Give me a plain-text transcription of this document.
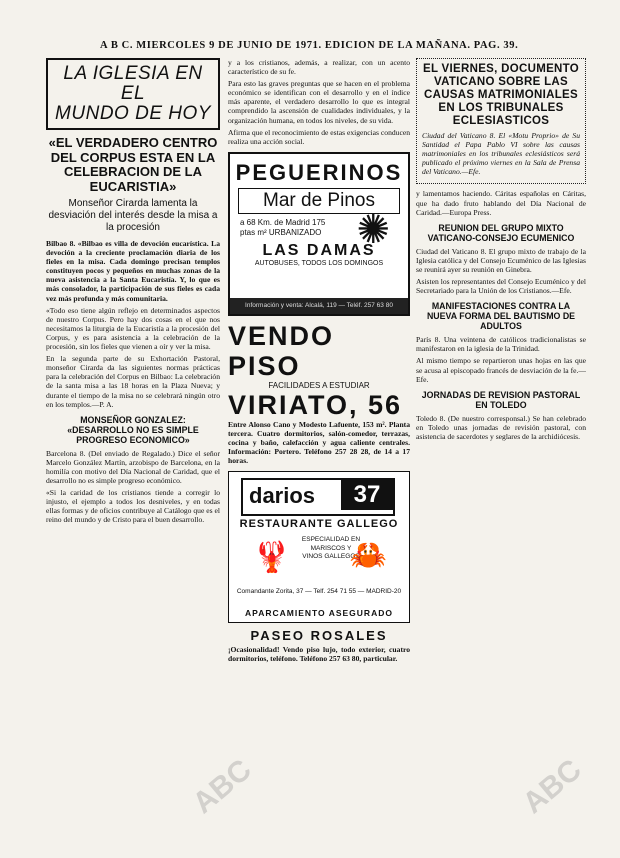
A B C. MIERCOLES 9 DE JUNIO DE 1971. EDICION DE LA MAÑANA. PAG. 39.
LA IGLESIA EN EL
MUNDO DE HOY
«EL VERDADERO CENTRO DEL CORPUS ESTA EN LA CELEBRACION DE LA EUCARISTIA»
Monseñor Cirarda lamenta la desviación del interés desde la misa a la procesión
Bilbao 8. «Bilbao es villa de devoción eucarística. La devoción a la creciente proclamación diaria de los fieles en la misa. Cada domingo precisan templos constituyen pocos y pequeños en muchas zonas de la nueva asistencia a la Santa Eucaristía. Y, lo que es más consolador, la participación de sus fieles es cada vez más profunda y más comunitaria.
«Todo eso tiene algún reflejo en determinados aspectos de nuestro Corpus. Pero hay dos cosas en el que nos necesitamos la liturgia de la Eucaristía a la procesión del Corpus, y es para asistencia a la celebración de la procesión, sin los fieles que vienen a oír y ver la misa.
En la segunda parte de su Exhortación Pastoral, monseñor Cirarda da las siguientes normas prácticas para la celebración del Corpus en Bilbao: La celebración de la santa misa a las 18 horas en la Plaza Nueva; y durante el tiempo de la misa no se celebrará ningún otro en los templos.—P. A.
MONSEÑOR GONZALEZ: «DESARROLLO NO ES SIMPLE PROGRESO ECONOMICO»
Barcelona 8. (Del enviado de Regalado.) Dice el señor Marcelo González Martín, arzobispo de Barcelona, en la homilía con motivo del Día Nacional de Caridad, que el desarrollo no es simple progreso económico.
«Si la caridad de los cristianos tiende a corregir lo injusto, el ejemplo a todos los desniveles, y en todas ellas formas y de oficios contribuye al Catálogo que es el reino del mundo y de Cristo para el buen desarrollo.
y a los cristianos, además, a realizar, con un acento característico de su fe.
Para esto las graves preguntas que se hacen en el problema económico se identifican con el desarrollo y en el índice más aparente, el verdadero desarrollo lo que es integral comprendido la ascensión de cualidades individuales, y la organización humana, en todos los niveles, de su vida.
Afirma que el reconocimiento de estas exigencias conducen realiza una acción social.
PEGUERINOS
Mar de Pinos
a 68 Km. de Madrid 175 ptas m² URBANIZADO ✺
LAS DAMAS
AUTOBUSES, TODOS LOS DOMINGOS
Información y venta: Alcalá, 119 — Teléf. 257 63 80
VENDO PISO
FACILIDADES A ESTUDIAR
VIRIATO, 56
Entre Alonso Cano y Modesto Lafuente, 153 m². Planta tercera. Cuatro dormitorios, salón-comedor, terrazas, cocina y baño, calefacción y agua caliente centrales. Información: Portero. Teléfono 257 28 28, de 14 a 17 horas.
darios	37
RESTAURANTE GALLEGO
🦞
ESPECIALIDAD EN MARISCOS Y VINOS GALLEGOS
🦀
Comandante Zorita, 37 — Telf. 254 71 55 — MADRID-20
APARCAMIENTO ASEGURADO
PASEO ROSALES
¡Ocasionalidad! Vendo piso lujo, todo exterior, cuatro dormitorios, teléfono. Teléfono 257 63 80, particular.
EL VIERNES, DOCUMENTO VATICANO SOBRE LAS CAUSAS MATRIMONIALES EN LOS TRIBUNALES ECLESIASTICOS
Ciudad del Vaticano 8. El «Motu Proprio» de Su Santidad el Papa Pablo VI sobre las causas matrimoniales en los tribunales eclesiásticos será publicado el próximo viernes en la Sala de Prensa del Vaticano.—Efe.
y lamentamos haciendo. Cáritas españolas en Cáritas, que ha dado fruto hablando del Día Nacional de Caridad.—Europa Press.
REUNION DEL GRUPO MIXTO VATICANO-CONSEJO ECUMENICO
Ciudad del Vaticano 8. El grupo mixto de trabajo de la Iglesia católica y del Consejo Ecuménico de las Iglesias se reunirá ayer su reunión en Ginebra.
Asisten los representantes del Consejo Ecuménico y del Secretariado para la Unión de los Cristianos.—Efe.
MANIFESTACIONES CONTRA LA NUEVA FORMA DEL BAUTISMO DE ADULTOS
París 8. Una veintena de católicos tradicionalistas se manifestaron en la iglesia de la Trinidad.
Al mismo tiempo se repartieron unas hojas en las que se acusa al episcopado francés de desviación de la fe.—Efe.
JORNADAS DE REVISION PASTORAL EN TOLEDO
Toledo 8. (De nuestro corresponsal.) Se han celebrado en Toledo unas jornadas de revisión pastoral, con asistencia de sacerdotes y seglares de la archidiócesis.
ABC	ABC
